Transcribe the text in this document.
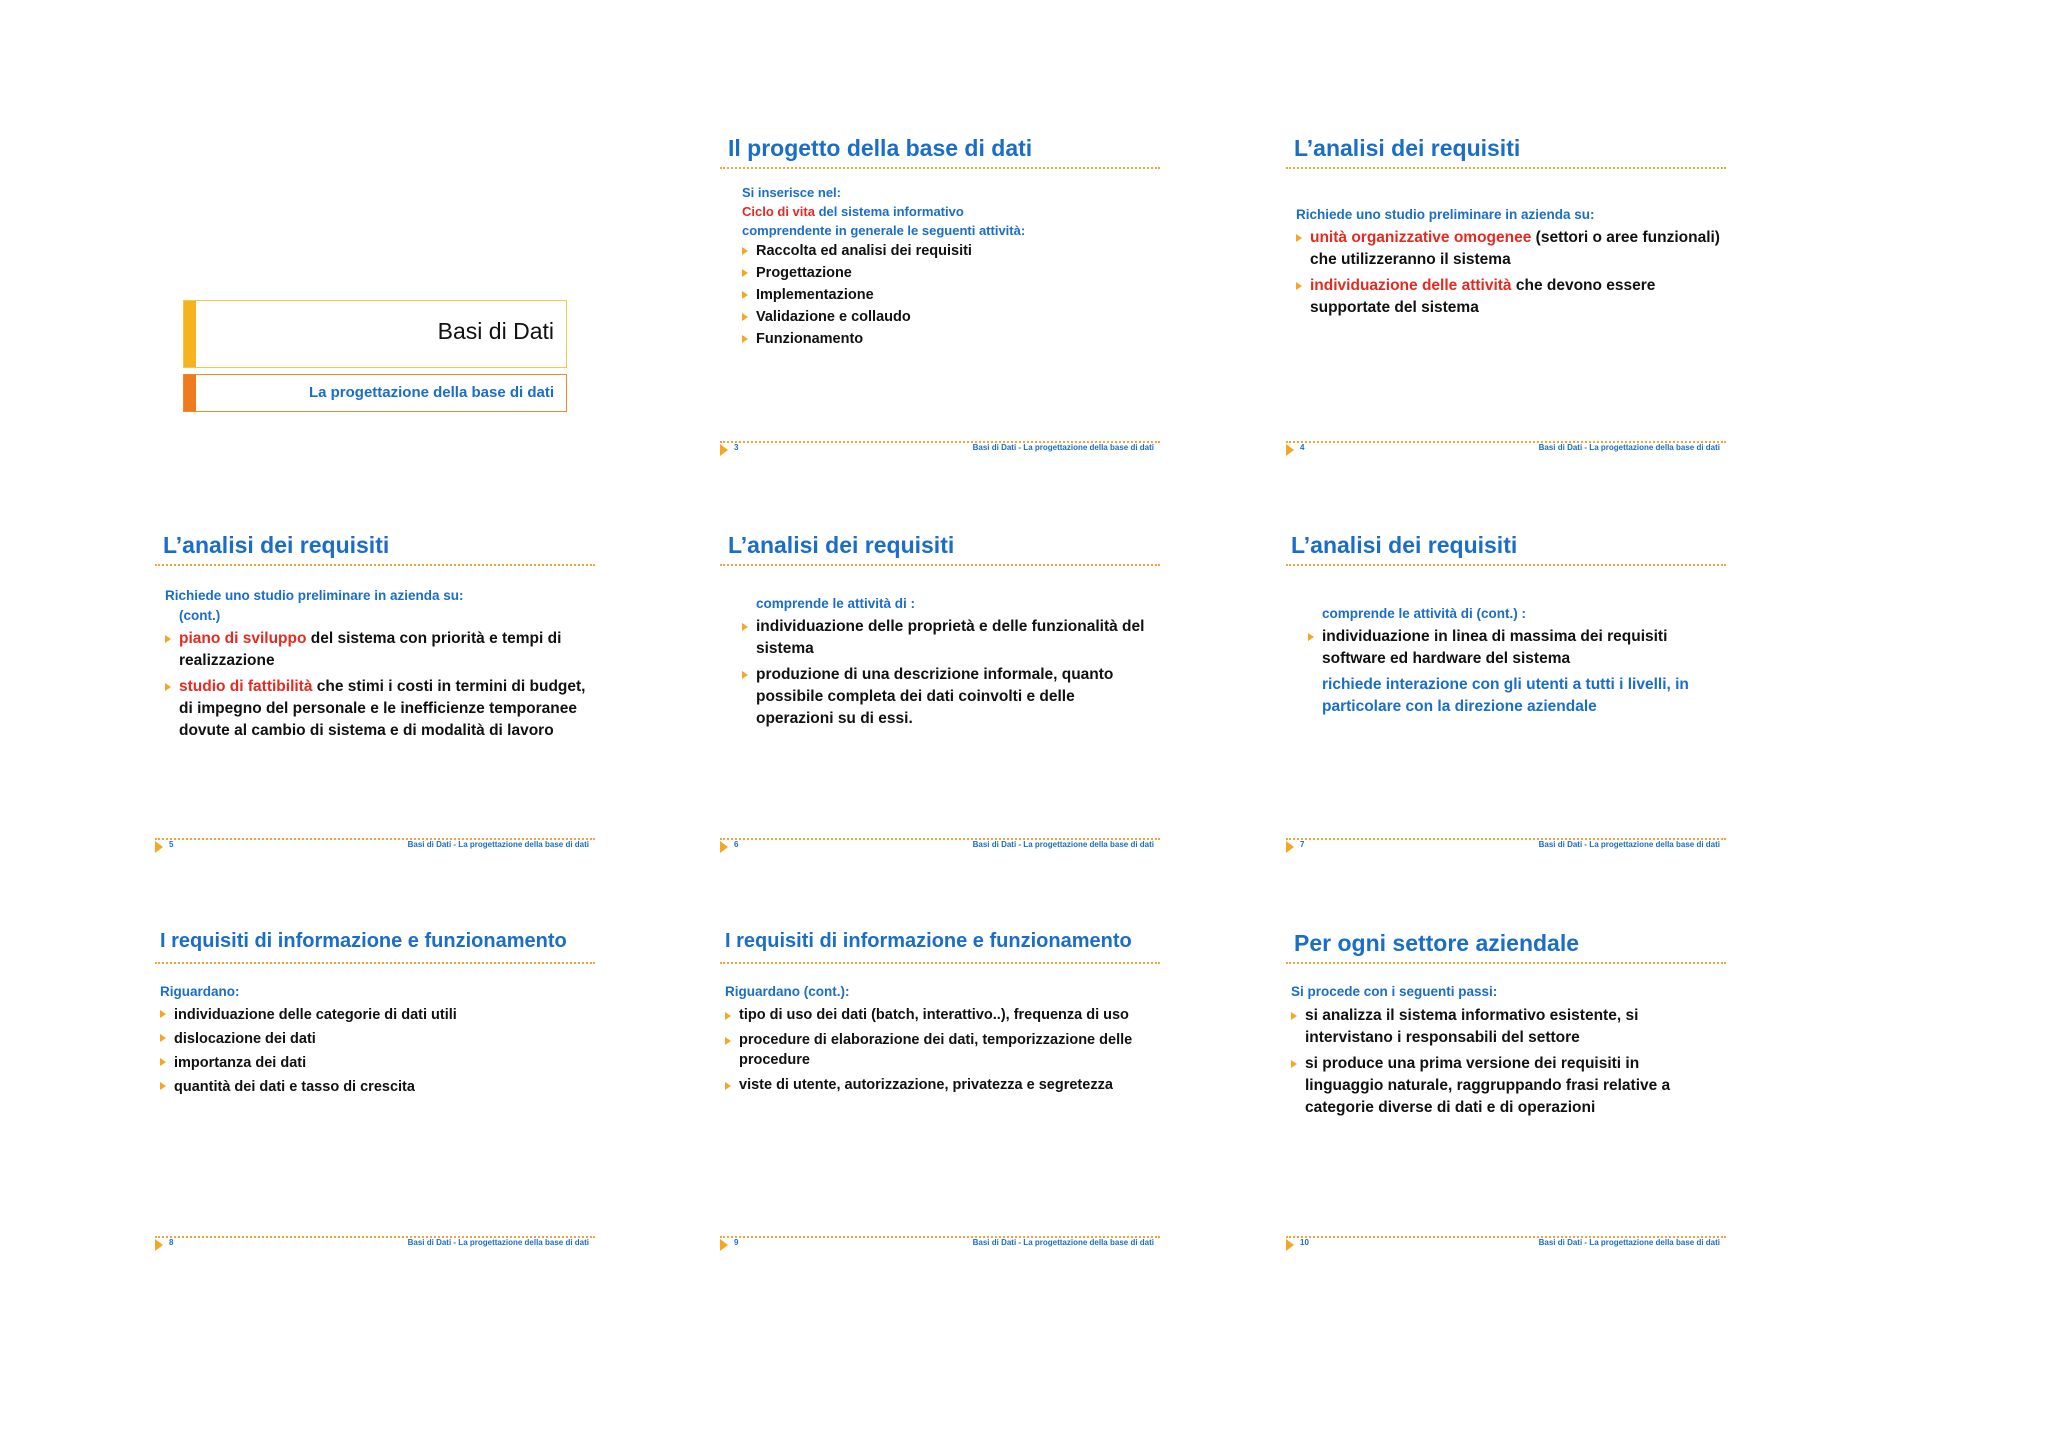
Basi di Dati
La progettazione della base di dati
Il progetto della base di dati
Si inserisce nel:
Ciclo di vita del sistema informativo
comprendente in generale le seguenti attività:
Raccolta ed analisi dei requisiti
Progettazione
Implementazione
Validazione e collaudo
Funzionamento
3	Basi di Dati - La progettazione della base di dati
L’analisi dei requisiti
Richiede uno studio preliminare in azienda su:
unità organizzative omogenee (settori o aree funzionali) che utilizzeranno il sistema
individuazione delle attività che devono essere supportate del sistema
4	Basi di Dati - La progettazione della base di dati
L’analisi dei requisiti
Richiede uno studio preliminare in azienda su:
(cont.)
piano di sviluppo del sistema con priorità e tempi di realizzazione
studio di fattibilità che stimi i costi in termini di budget, di impegno del personale e le inefficienze temporanee dovute al cambio di sistema e di modalità di lavoro
5	Basi di Dati - La progettazione della base di dati
L’analisi dei requisiti
comprende le attività di :
individuazione delle proprietà e delle funzionalità del sistema
produzione di una descrizione informale, quanto possibile completa dei dati coinvolti e delle operazioni su di essi.
6	Basi di Dati - La progettazione della base di dati
L’analisi dei requisiti
comprende le attività di (cont.) :
individuazione in linea di massima dei requisiti software ed hardware del sistema
richiede interazione con gli utenti a tutti i livelli, in particolare con la direzione aziendale
7	Basi di Dati - La progettazione della base di dati
I requisiti di informazione e funzionamento
Riguardano:
individuazione delle categorie di dati utili
dislocazione dei dati
importanza dei dati
quantità dei dati e tasso di crescita
8	Basi di Dati - La progettazione della base di dati
I requisiti di informazione e funzionamento
Riguardano (cont.):
tipo di uso dei dati (batch, interattivo..), frequenza di uso
procedure di elaborazione dei dati, temporizzazione delle procedure
viste di utente, autorizzazione, privatezza e segretezza
9	Basi di Dati - La progettazione della base di dati
Per ogni settore aziendale
Si procede con i seguenti passi:
si analizza il sistema informativo esistente, si intervistano i responsabili del settore
si produce una prima versione dei requisiti in linguaggio naturale, raggruppando frasi relative a categorie diverse di dati e di operazioni
10	Basi di Dati - La progettazione della base di dati
